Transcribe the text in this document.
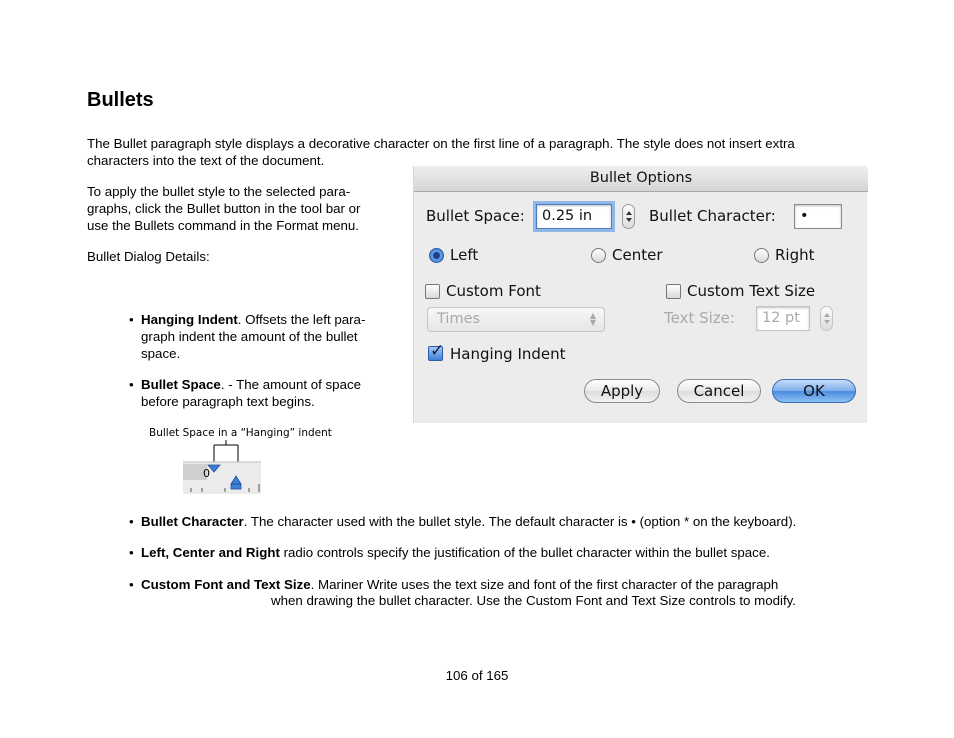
Bullets

The Bullet paragraph style displays a decorative character on the first line of a paragraph. The style does not insert extra
characters into the text of the document.

To apply the bullet style to the selected para-
graphs, click the Bullet button in the tool bar or
use the Bullets command in the Format menu.

Bullet Dialog Details:

• Hanging Indent. Offsets the left para-
graph indent the amount of the bullet
space.
• Bullet Space. - The amount of space
before paragraph text begins.
Bullet Space in a “Hanging” indent
0
Bullet Options
Bullet Space:	0.25 in	Bullet Character:	•
Left	Center	Right
Custom Font	Custom Text Size
Times	▲
▼	Text Size:	12 pt
✓ Hanging Indent
Apply	Cancel	OK
• Bullet Character. The character used with the bullet style. The default character is • (option * on the keyboard).
• Left, Center and Right radio controls specify the justification of the bullet character within the bullet space.
• Custom Font and Text Size. Mariner Write uses the text size and font of the first character of the paragraph
when drawing the bullet character. Use the Custom Font and Text Size controls to modify.
106 of 165
